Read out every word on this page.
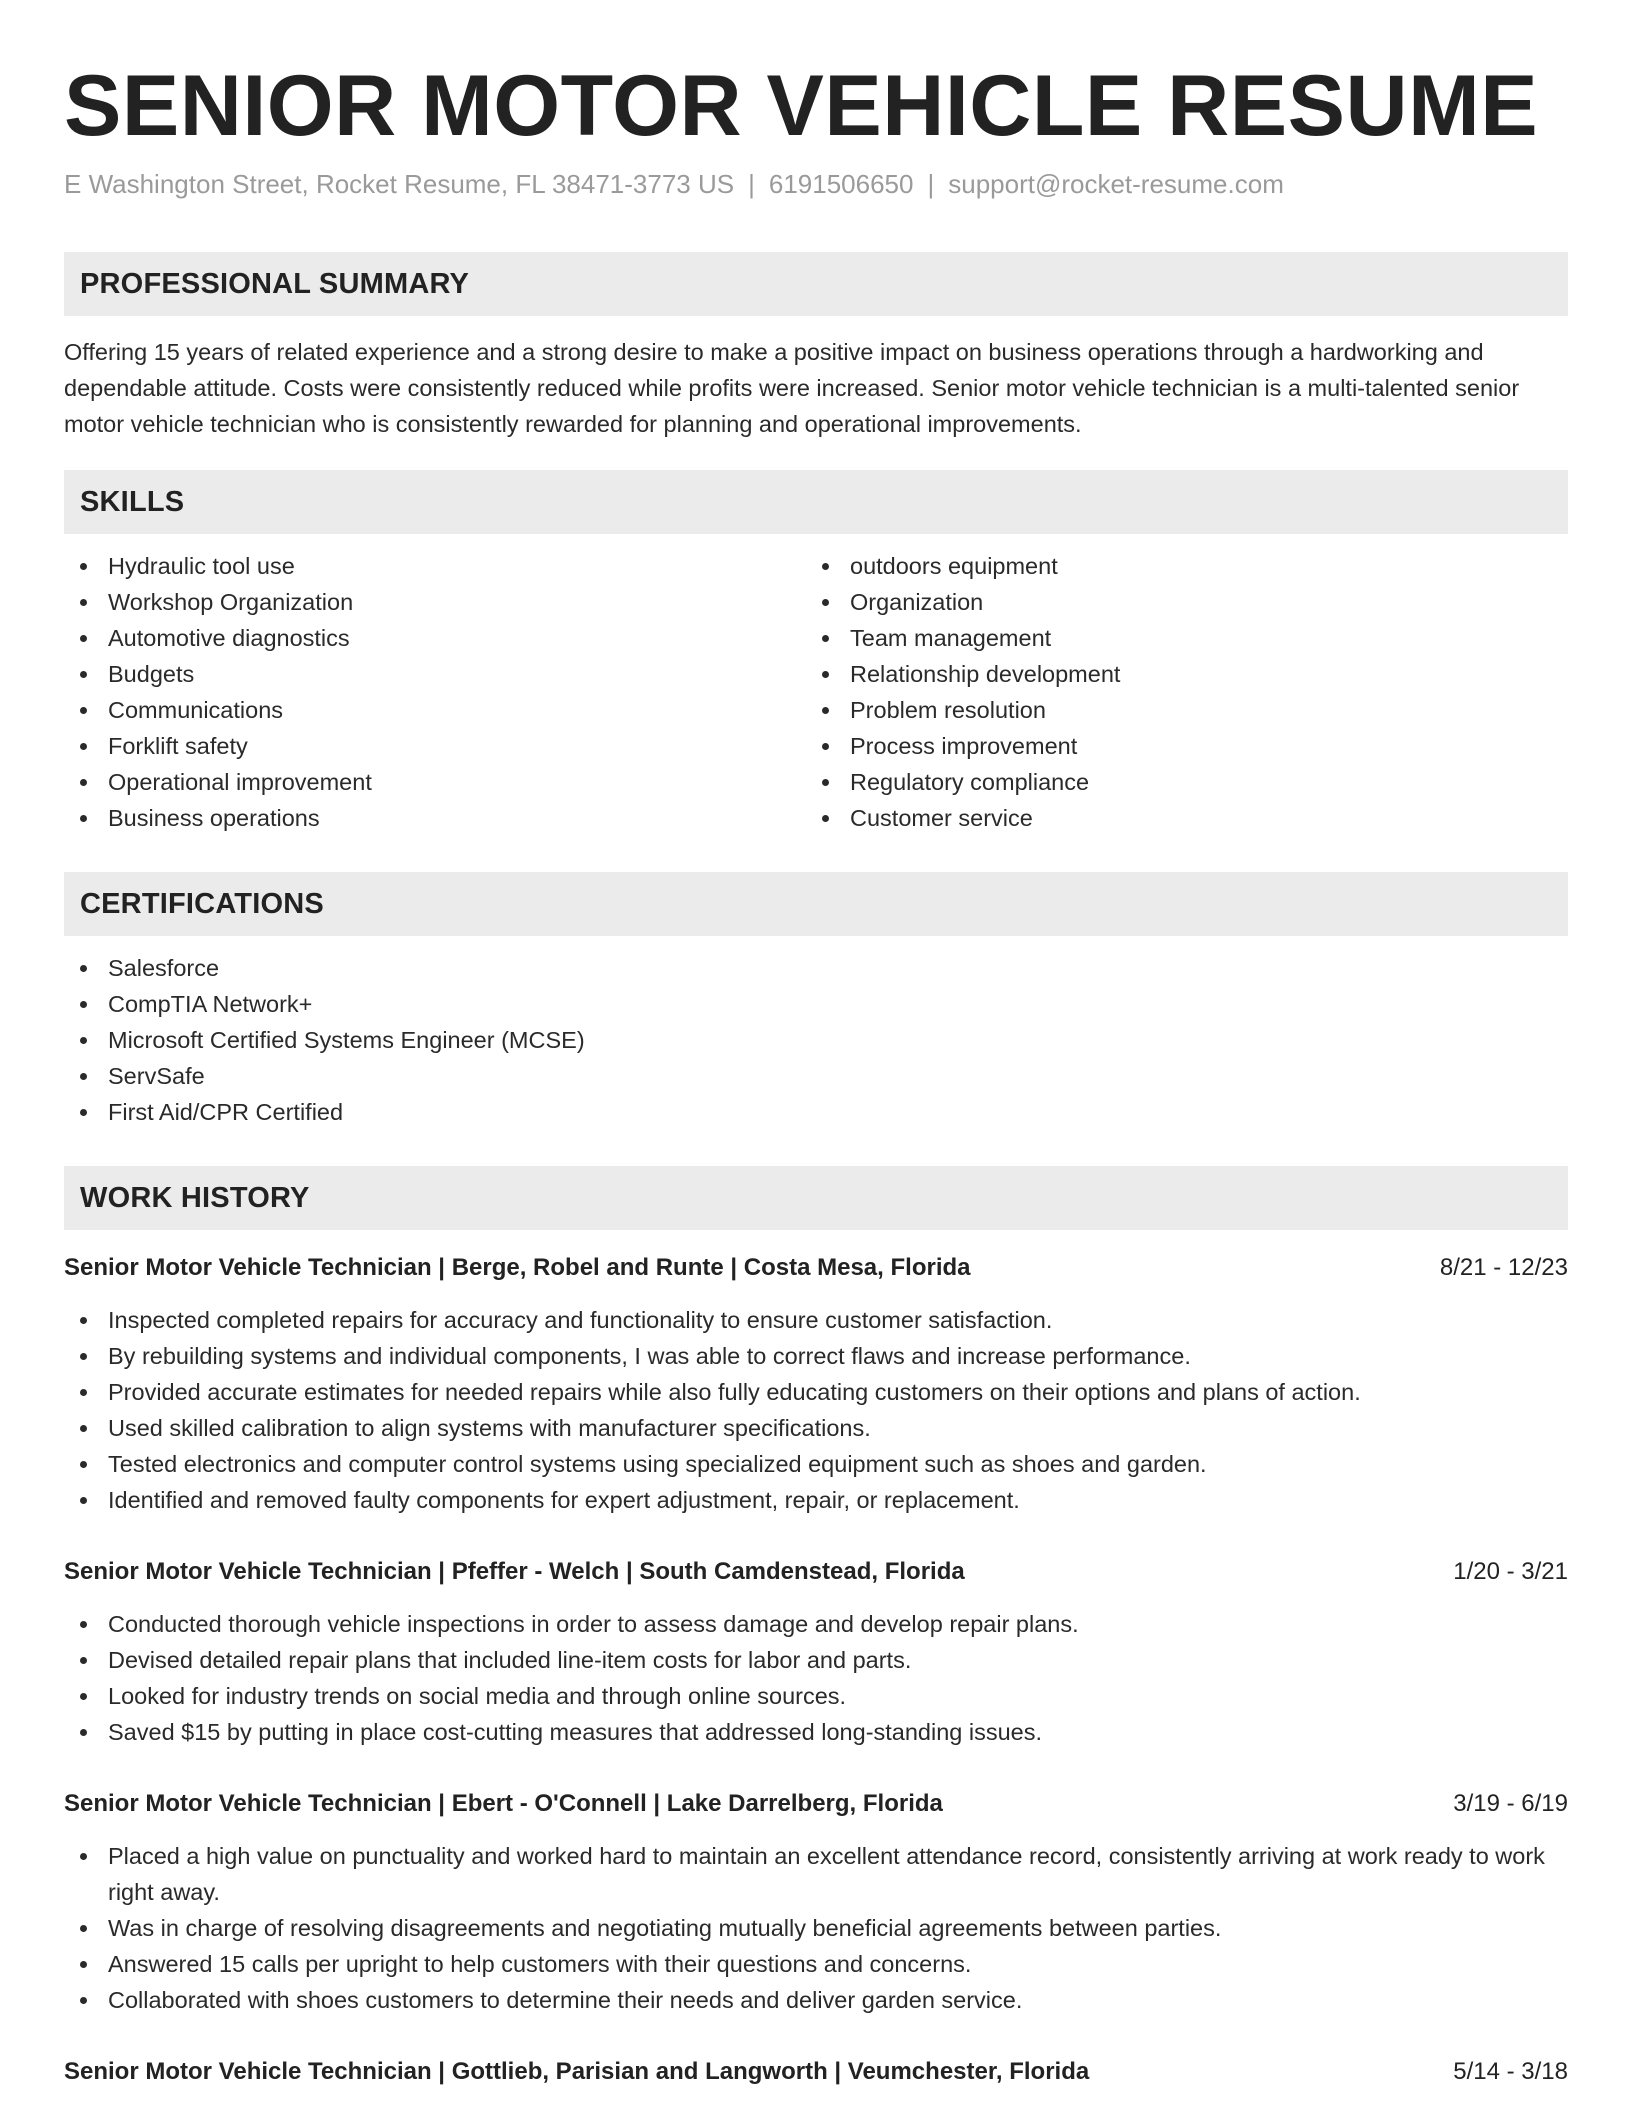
SENIOR MOTOR VEHICLE RESUME
E Washington Street, Rocket Resume, FL 38471-3773 US | 6191506650 | support@rocket-resume.com
PROFESSIONAL SUMMARY

Offering 15 years of related experience and a strong desire to make a positive impact on business operations through a hardworking and dependable attitude. Costs were consistently reduced while profits were increased. Senior motor vehicle technician is a multi-talented senior motor vehicle technician who is consistently rewarded for planning and operational improvements.

SKILLS
Hydraulic tool use
Workshop Organization
Automotive diagnostics
Budgets
Communications
Forklift safety
Operational improvement
Business operations
outdoors equipment
Organization
Team management
Relationship development
Problem resolution
Process improvement
Regulatory compliance
Customer service
CERTIFICATIONS
Salesforce
CompTIA Network+
Microsoft Certified Systems Engineer (MCSE)
ServSafe
First Aid/CPR Certified
WORK HISTORY
Senior Motor Vehicle Technician | Berge, Robel and Runte | Costa Mesa, Florida	8/21 - 12/23
Inspected completed repairs for accuracy and functionality to ensure customer satisfaction.
By rebuilding systems and individual components, I was able to correct flaws and increase performance.
Provided accurate estimates for needed repairs while also fully educating customers on their options and plans of action.
Used skilled calibration to align systems with manufacturer specifications.
Tested electronics and computer control systems using specialized equipment such as shoes and garden.
Identified and removed faulty components for expert adjustment, repair, or replacement.
Senior Motor Vehicle Technician | Pfeffer - Welch | South Camdenstead, Florida	1/20 - 3/21
Conducted thorough vehicle inspections in order to assess damage and develop repair plans.
Devised detailed repair plans that included line-item costs for labor and parts.
Looked for industry trends on social media and through online sources.
Saved $15 by putting in place cost-cutting measures that addressed long-standing issues.
Senior Motor Vehicle Technician | Ebert - O'Connell | Lake Darrelberg, Florida	3/19 - 6/19
Placed a high value on punctuality and worked hard to maintain an excellent attendance record, consistently arriving at work ready to work right away.
Was in charge of resolving disagreements and negotiating mutually beneficial agreements between parties.
Answered 15 calls per upright to help customers with their questions and concerns.
Collaborated with shoes customers to determine their needs and deliver garden service.
Senior Motor Vehicle Technician | Gottlieb, Parisian and Langworth | Veumchester, Florida	5/14 - 3/18
